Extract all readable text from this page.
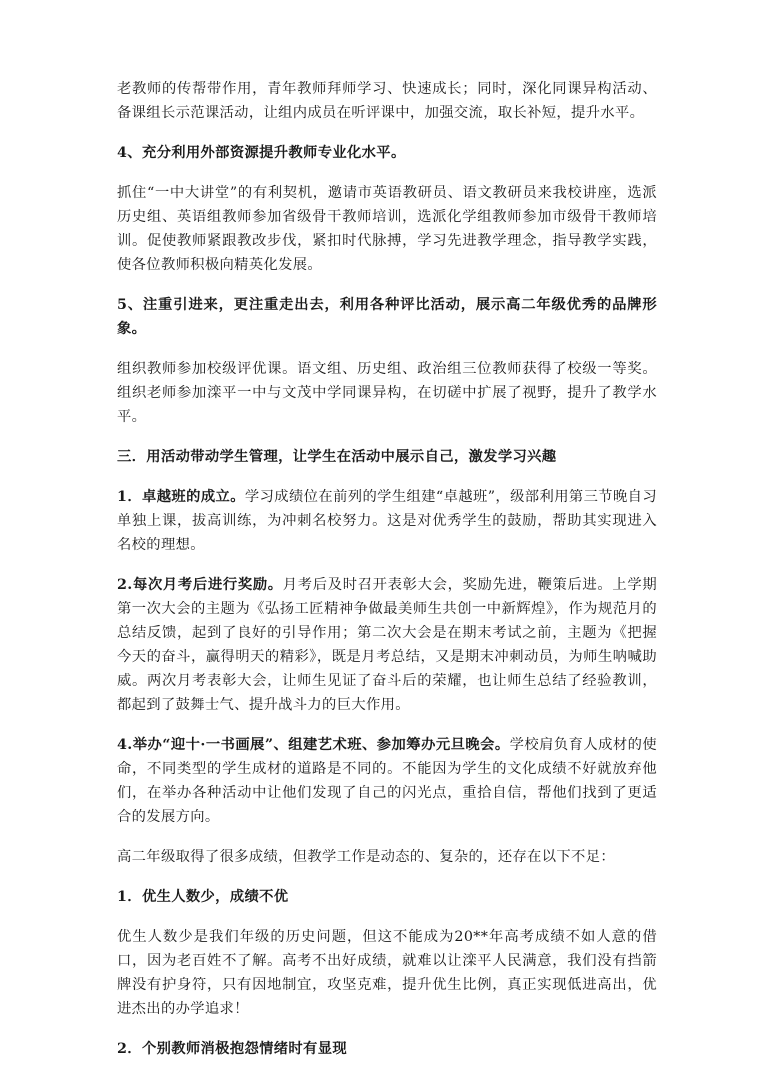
老教师的传帮带作用，青年教师拜师学习、快速成长；同时，深化同课异构活动、备课组长示范课活动，让组内成员在听评课中，加强交流，取长补短，提升水平。

4、充分利用外部资源提升教师专业化水平。

抓住“一中大讲堂”的有利契机，邀请市英语教研员、语文教研员来我校讲座，选派历史组、英语组教师参加省级骨干教师培训，选派化学组教师参加市级骨干教师培训。促使教师紧跟教改步伐，紧扣时代脉搏，学习先进教学理念，指导教学实践，使各位教师积极向精英化发展。

5、注重引进来，更注重走出去，利用各种评比活动，展示高二年级优秀的品牌形象。

组织教师参加校级评优课。语文组、历史组、政治组三位教师获得了校级一等奖。组织老师参加滦平一中与文茂中学同课异构，在切磋中扩展了视野，提升了教学水平。

三．用活动带动学生管理，让学生在活动中展示自己，激发学习兴趣

1．卓越班的成立。学习成绩位在前列的学生组建“卓越班”，级部利用第三节晚自习单独上课，拔高训练，为冲刺名校努力。这是对优秀学生的鼓励，帮助其实现进入名校的理想。

2.每次月考后进行奖励。月考后及时召开表彰大会，奖励先进，鞭策后进。上学期第一次大会的主题为《弘扬工匠精神争做最美师生共创一中新辉煌》，作为规范月的总结反馈，起到了良好的引导作用；第二次大会是在期末考试之前，主题为《把握今天的奋斗，赢得明天的精彩》，既是月考总结，又是期末冲刺动员，为师生呐喊助威。两次月考表彰大会，让师生见证了奋斗后的荣耀，也让师生总结了经验教训，都起到了鼓舞士气、提升战斗力的巨大作用。

4.举办“迎十·一书画展”、组建艺术班、参加筹办元旦晚会。学校肩负育人成材的使命，不同类型的学生成材的道路是不同的。不能因为学生的文化成绩不好就放弃他们，在举办各种活动中让他们发现了自己的闪光点，重拾自信，帮他们找到了更适合的发展方向。

高二年级取得了很多成绩，但教学工作是动态的、复杂的，还存在以下不足：

1．优生人数少，成绩不优

优生人数少是我们年级的历史问题，但这不能成为20**年高考成绩不如人意的借口，因为老百姓不了解。高考不出好成绩，就难以让滦平人民满意，我们没有挡箭牌没有护身符，只有因地制宜，攻坚克难，提升优生比例，真正实现低进高出，优进杰出的办学追求！

2．个别教师消极抱怨情绪时有显现
